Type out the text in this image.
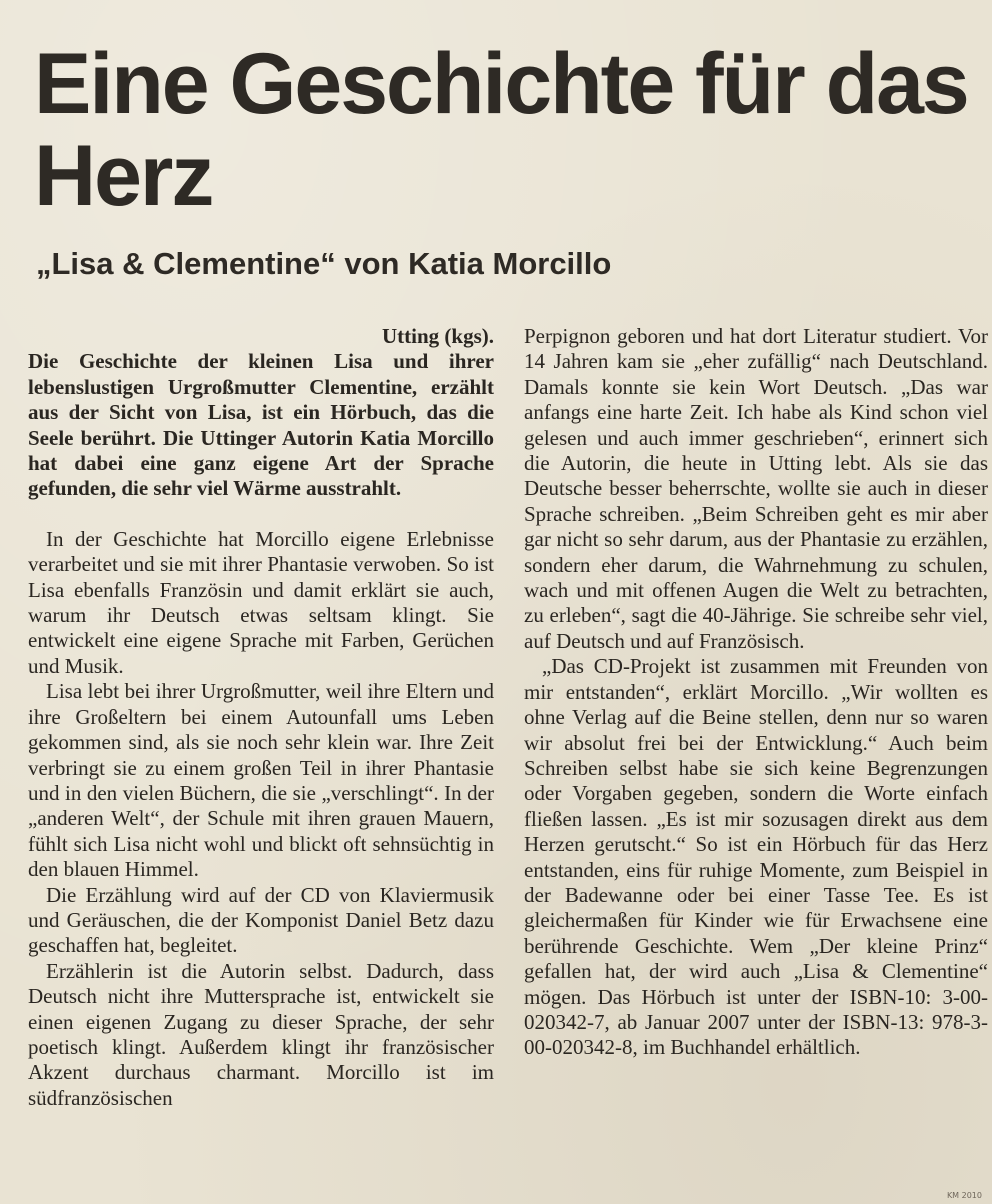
Eine Geschichte für das Herz
„Lisa & Clementine“ von Katia Morcillo

Utting (kgs).

Die Geschichte der kleinen Lisa und ihrer lebenslustigen Urgroßmutter Clementine, erzählt aus der Sicht von Lisa, ist ein Hörbuch, das die Seele berührt. Die Uttinger Autorin Katia Morcillo hat dabei eine ganz eigene Art der Sprache gefunden, die sehr viel Wärme ausstrahlt.

In der Geschichte hat Morcillo eigene Erlebnisse verarbeitet und sie mit ihrer Phantasie verwoben. So ist Lisa ebenfalls Französin und damit erklärt sie auch, warum ihr Deutsch etwas seltsam klingt. Sie entwickelt eine eigene Sprache mit Farben, Gerüchen und Musik.

Lisa lebt bei ihrer Urgroßmutter, weil ihre Eltern und ihre Großeltern bei einem Autounfall ums Leben gekommen sind, als sie noch sehr klein war. Ihre Zeit verbringt sie zu einem großen Teil in ihrer Phantasie und in den vielen Büchern, die sie „verschlingt“. In der „anderen Welt“, der Schule mit ihren grauen Mauern, fühlt sich Lisa nicht wohl und blickt oft sehnsüchtig in den blauen Himmel.

Die Erzählung wird auf der CD von Klaviermusik und Geräuschen, die der Komponist Daniel Betz dazu geschaffen hat, begleitet.

Erzählerin ist die Autorin selbst. Dadurch, dass Deutsch nicht ihre Muttersprache ist, entwickelt sie einen eigenen Zugang zu dieser Sprache, der sehr poetisch klingt. Außerdem klingt ihr französischer Akzent durchaus charmant. Morcillo ist im südfranzösischen

Perpignon geboren und hat dort Literatur studiert. Vor 14 Jahren kam sie „eher zufällig“ nach Deutschland. Damals konnte sie kein Wort Deutsch. „Das war anfangs eine harte Zeit. Ich habe als Kind schon viel gelesen und auch immer geschrieben“, erinnert sich die Autorin, die heute in Utting lebt. Als sie das Deutsche besser beherrschte, wollte sie auch in dieser Sprache schreiben. „Beim Schreiben geht es mir aber gar nicht so sehr darum, aus der Phantasie zu erzählen, sondern eher darum, die Wahrnehmung zu schulen, wach und mit offenen Augen die Welt zu betrachten, zu erleben“, sagt die 40-Jährige. Sie schreibe sehr viel, auf Deutsch und auf Französisch.

„Das CD-Projekt ist zusammen mit Freunden von mir entstanden“, erklärt Morcillo. „Wir wollten es ohne Verlag auf die Beine stellen, denn nur so waren wir absolut frei bei der Entwicklung.“ Auch beim Schreiben selbst habe sie sich keine Begrenzungen oder Vorgaben gegeben, sondern die Worte einfach fließen lassen. „Es ist mir sozusagen direkt aus dem Herzen gerutscht.“ So ist ein Hörbuch für das Herz entstanden, eins für ruhige Momente, zum Beispiel in der Badewanne oder bei einer Tasse Tee. Es ist gleichermaßen für Kinder wie für Erwachsene eine berührende Geschichte. Wem „Der kleine Prinz“ gefallen hat, der wird auch „Lisa & Clementine“ mögen. Das Hörbuch ist unter der ISBN-10: 3-00-020342-7, ab Januar 2007 unter der ISBN-13: 978-3-00-020342-8, im Buchhandel erhältlich.

KM 2010
